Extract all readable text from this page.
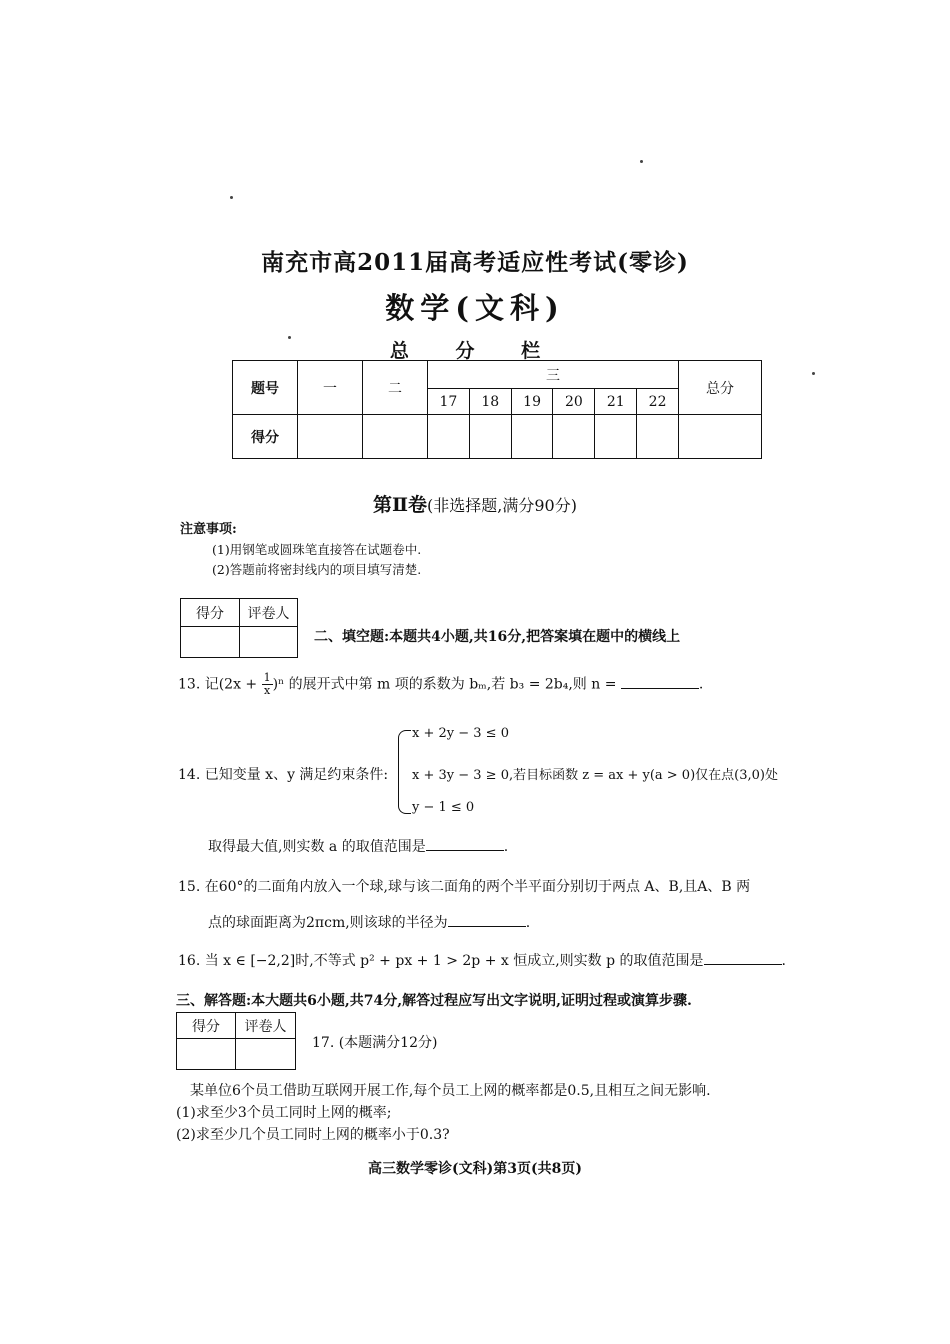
南充市高2011届高考适应性考试(零诊)
数学(文科)
总 分 栏
题号	一	二	三						总分
			17	18	19	20	21	22	
得分									
第Ⅱ卷(非选择题,满分90分)
注意事项:
(1)用钢笔或圆珠笔直接答在试题卷中.
(2)答题前将密封线内的项目填写清楚.
得分	评卷人

二、填空题:本题共4小题,共16分,把答案填在题中的横线上
13. 记$(2x + \frac{1}{x} )^n$ 的展开式中第 m 项的系数为 bₘ,若 b₃ = 2b₄,则 n =	.
x + 2y − 3 ≤ 0
14. 已知变量 x、y 满足约束条件: x + 3y − 3 ≥ 0,若目标函数 z = ax + y(a > 0)仅在点(3,0)处
y − 1 ≤ 0
取得最大值,则实数 a 的取值范围是	.
15. 在60°的二面角内放入一个球,球与该二面角的两个半平面分别切于两点 A、B,且A、B 两
点的球面距离为2πcm,则该球的半径为	.
16. 当 x ∈ [−2,2]时,不等式 p² + px + 1 > 2p + x 恒成立,则实数 p 的取值范围是	.
三、解答题:本大题共6小题,共74分,解答过程应写出文字说明,证明过程或演算步骤.
得分	评卷人

17. (本题满分12分)
某单位6个员工借助互联网开展工作,每个员工上网的概率都是0.5,且相互之间无影响.
(1)求至少3个员工同时上网的概率;
(2)求至少几个员工同时上网的概率小于0.3?
高三数学零诊(文科)第3页(共8页)
